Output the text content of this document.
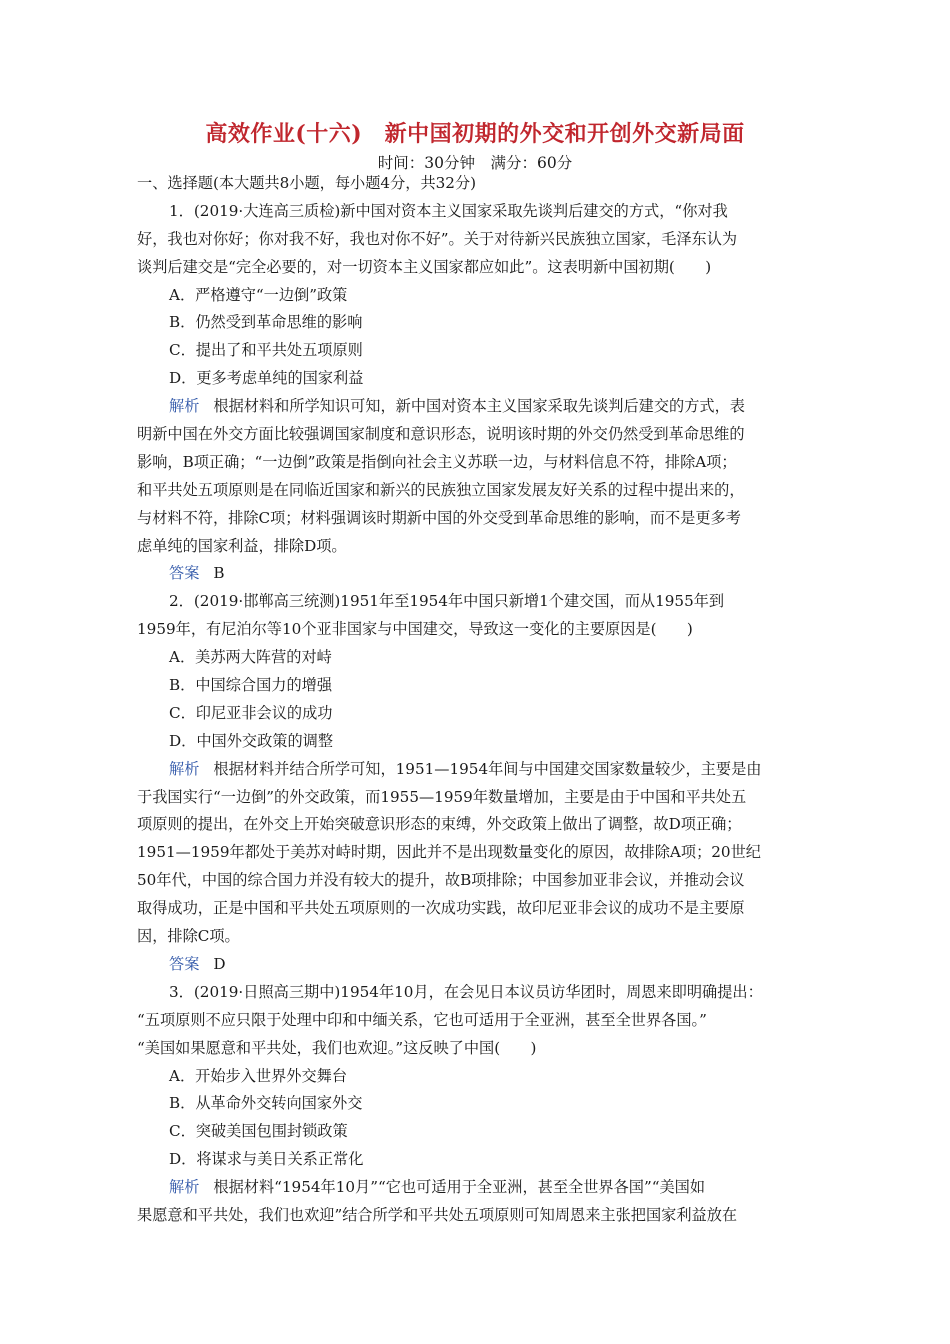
高效作业(十六)　新中国初期的外交和开创外交新局面
时间：30分钟　满分：60分
一、选择题(本大题共8小题，每小题4分，共32分)
1．(2019·大连高三质检)新中国对资本主义国家采取先谈判后建交的方式，“你对我
好，我也对你好；你对我不好，我也对你不好”。关于对待新兴民族独立国家，毛泽东认为
谈判后建交是“完全必要的，对一切资本主义国家都应如此”。这表明新中国初期(　　)
A．严格遵守“一边倒”政策
B．仍然受到革命思维的影响
C．提出了和平共处五项原则
D．更多考虑单纯的国家利益
解析 根据材料和所学知识可知，新中国对资本主义国家采取先谈判后建交的方式，表
明新中国在外交方面比较强调国家制度和意识形态，说明该时期的外交仍然受到革命思维的
影响，B项正确；“一边倒”政策是指倒向社会主义苏联一边，与材料信息不符，排除A项；
和平共处五项原则是在同临近国家和新兴的民族独立国家发展友好关系的过程中提出来的，
与材料不符，排除C项；材料强调该时期新中国的外交受到革命思维的影响，而不是更多考
虑单纯的国家利益，排除D项。
答案 B
2．(2019·邯郸高三统测)1951年至1954年中国只新增1个建交国，而从1955年到
1959年，有尼泊尔等10个亚非国家与中国建交，导致这一变化的主要原因是(　　)
A．美苏两大阵营的对峙
B．中国综合国力的增强
C．印尼亚非会议的成功
D．中国外交政策的调整
解析 根据材料并结合所学可知，1951—1954年间与中国建交国家数量较少，主要是由
于我国实行“一边倒”的外交政策，而1955—1959年数量增加，主要是由于中国和平共处五
项原则的提出，在外交上开始突破意识形态的束缚，外交政策上做出了调整，故D项正确；
1951—1959年都处于美苏对峙时期，因此并不是出现数量变化的原因，故排除A项；20世纪
50年代，中国的综合国力并没有较大的提升，故B项排除；中国参加亚非会议，并推动会议
取得成功，正是中国和平共处五项原则的一次成功实践，故印尼亚非会议的成功不是主要原
因，排除C项。
答案 D
3．(2019·日照高三期中)1954年10月，在会见日本议员访华团时，周恩来即明确提出：
“五项原则不应只限于处理中印和中缅关系，它也可适用于全亚洲，甚至全世界各国。”
“美国如果愿意和平共处，我们也欢迎。”这反映了中国(　　)
A．开始步入世界外交舞台
B．从革命外交转向国家外交
C．突破美国包围封锁政策
D．将谋求与美日关系正常化
解析 根据材料“1954年10月”“它也可适用于全亚洲，甚至全世界各国”“美国如
果愿意和平共处，我们也欢迎”结合所学和平共处五项原则可知周恩来主张把国家利益放在
